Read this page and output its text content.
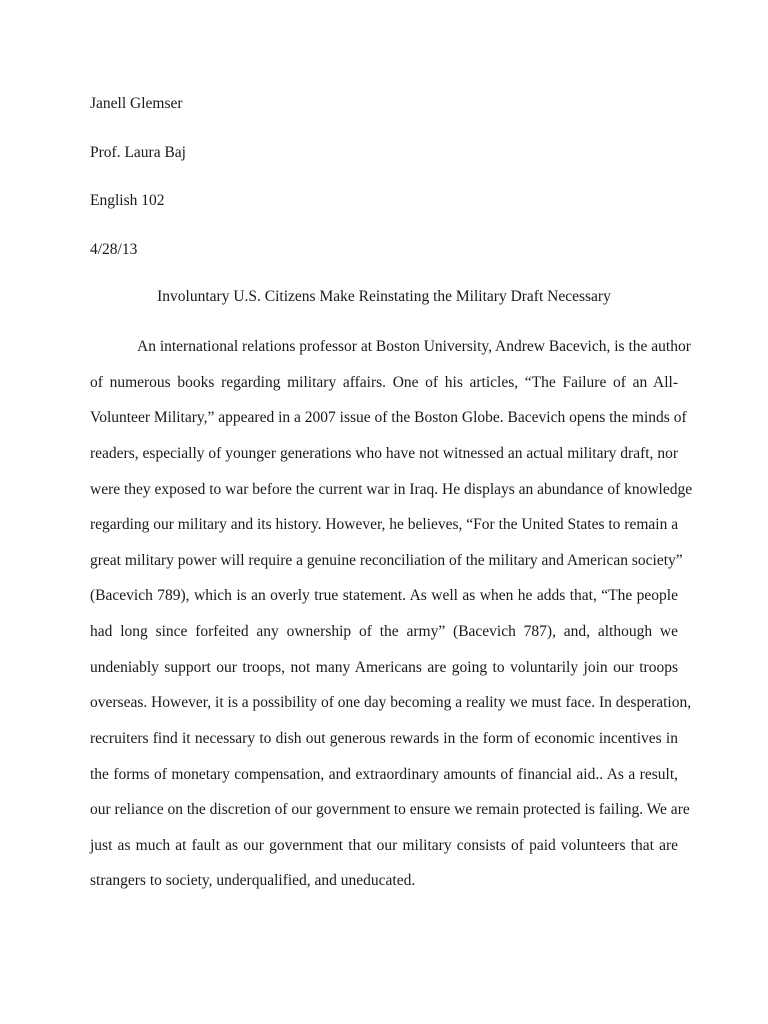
Janell Glemser
Prof. Laura Baj
English 102
4/28/13
Involuntary U.S. Citizens Make Reinstating the Military Draft Necessary
An international relations professor at Boston University, Andrew Bacevich, is the author
of numerous books regarding military affairs. One of his articles, “The Failure of an All-
Volunteer Military,” appeared in a 2007 issue of the Boston Globe. Bacevich opens the minds of
readers, especially of younger generations who have not witnessed an actual military draft, nor
were they exposed to war before the current war in Iraq. He displays an abundance of knowledge
regarding our military and its history. However, he believes, “For the United States to remain a
great military power will require a genuine reconciliation of the military and American society”
(Bacevich 789), which is an overly true statement. As well as when he adds that, “The people
had long since forfeited any ownership of the army” (Bacevich 787), and, although we
undeniably support our troops, not many Americans are going to voluntarily join our troops
overseas. However, it is a possibility of one day becoming a reality we must face. In desperation,
recruiters find it necessary to dish out generous rewards in the form of economic incentives in
the forms of monetary compensation, and extraordinary amounts of financial aid.. As a result,
our reliance on the discretion of our government to ensure we remain protected is failing. We are
just as much at fault as our government that our military consists of paid volunteers that are
strangers to society, underqualified, and uneducated.
